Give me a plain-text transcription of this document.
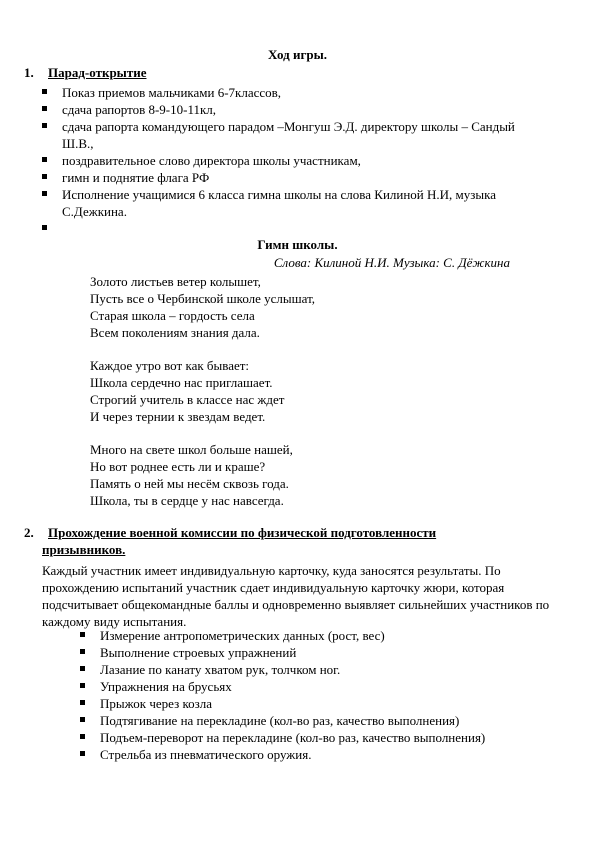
Ход игры.
1. Парад-открытие
Показ приемов мальчиками 6-7классов,
сдача рапортов 8-9-10-11кл,
сдача рапорта командующего парадом –Монгуш Э.Д. директору школы – Сандый Ш.В.,
поздравительное слово директора школы участникам,
гимн и поднятие флага РФ
Исполнение учащимися 6 класса гимна школы на слова Килиной Н.И, музыка С.Дежкина.
Гимн школы.
Слова: Килиной Н.И. Музыка: С. Дёжкина
Золото листьев ветер колышет,
Пусть все о Чербинской школе услышат,
Старая школа – гордость села
Всем поколениям знания дала.
Каждое утро вот как бывает:
Школа сердечно нас приглашает.
Строгий учитель в классе нас ждет
И через тернии к звездам ведет.
Много на свете школ больше нашей,
Но вот роднее есть ли и краше?
Память о ней мы несём сквозь года.
Школа, ты в сердце у нас навсегда.
2. Прохождение военной комиссии по физической подготовленности
призывников.
Каждый участник имеет индивидуальную карточку, куда заносятся результаты. По прохождению испытаний участник сдает индивидуальную карточку жюри, которая подсчитывает общекомандные баллы и одновременно выявляет сильнейших участников по каждому виду испытания.
Измерение антропометрических данных (рост, вес)
Выполнение строевых упражнений
Лазание по канату хватом рук, толчком ног.
Упражнения на брусьях
Прыжок через козла
Подтягивание на перекладине (кол-во раз, качество выполнения)
Подъем-переворот на перекладине (кол-во раз, качество выполнения)
Стрельба из пневматического оружия.
